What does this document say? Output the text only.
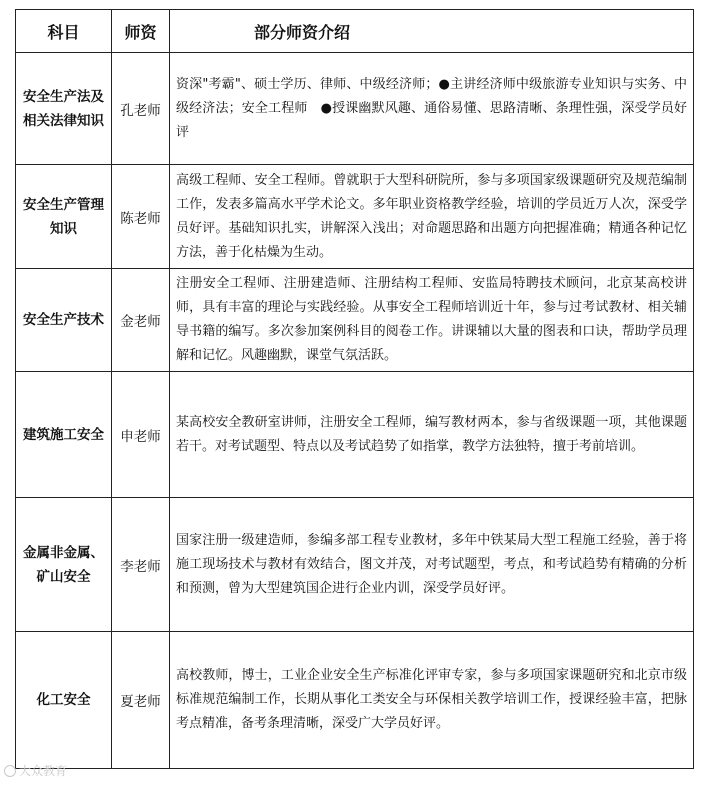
科目	师资	部分师资介绍
安全生产法及相关法律知识	孔老师	资深"考霸"、硕士学历、律师、中级经济师；●主讲经济师中级旅游专业知识与实务、中级经济法；安全工程师　●授课幽默风趣、通俗易懂、思路清晰、条理性强，深受学员好评
安全生产管理知识	陈老师	高级工程师、安全工程师。曾就职于大型科研院所，参与多项国家级课题研究及规范编制工作，发表多篇高水平学术论文。多年职业资格教学经验，培训的学员近万人次，深受学员好评。基础知识扎实，讲解深入浅出；对命题思路和出题方向把握准确；精通各种记忆方法，善于化枯燥为生动。
安全生产技术	金老师	注册安全工程师、注册建造师、注册结构工程师、安监局特聘技术顾问，北京某高校讲师，具有丰富的理论与实践经验。从事安全工程师培训近十年，参与过考试教材、相关辅导书籍的编写。多次参加案例科目的阅卷工作。讲课辅以大量的图表和口诀，帮助学员理解和记忆。风趣幽默，课堂气氛活跃。
建筑施工安全	申老师	某高校安全教研室讲师，注册安全工程师，编写教材两本，参与省级课题一项，其他课题若干。对考试题型、特点以及考试趋势了如指掌，教学方法独特，擅于考前培训。
金属非金属、矿山安全	李老师	国家注册一级建造师，参编多部工程专业教材，多年中铁某局大型工程施工经验，善于将施工现场技术与教材有效结合，图文并茂，对考试题型，考点，和考试趋势有精确的分析和预测，曾为大型建筑国企进行企业内训，深受学员好评。
化工安全	夏老师	高校教师，博士，工业企业安全生产标准化评审专家，参与多项国家课题研究和北京市级标准规范编制工作，长期从事化工类安全与环保相关教学培训工作，授课经验丰富，把脉考点精准，备考条理清晰，深受广大学员好评。
大众教育
